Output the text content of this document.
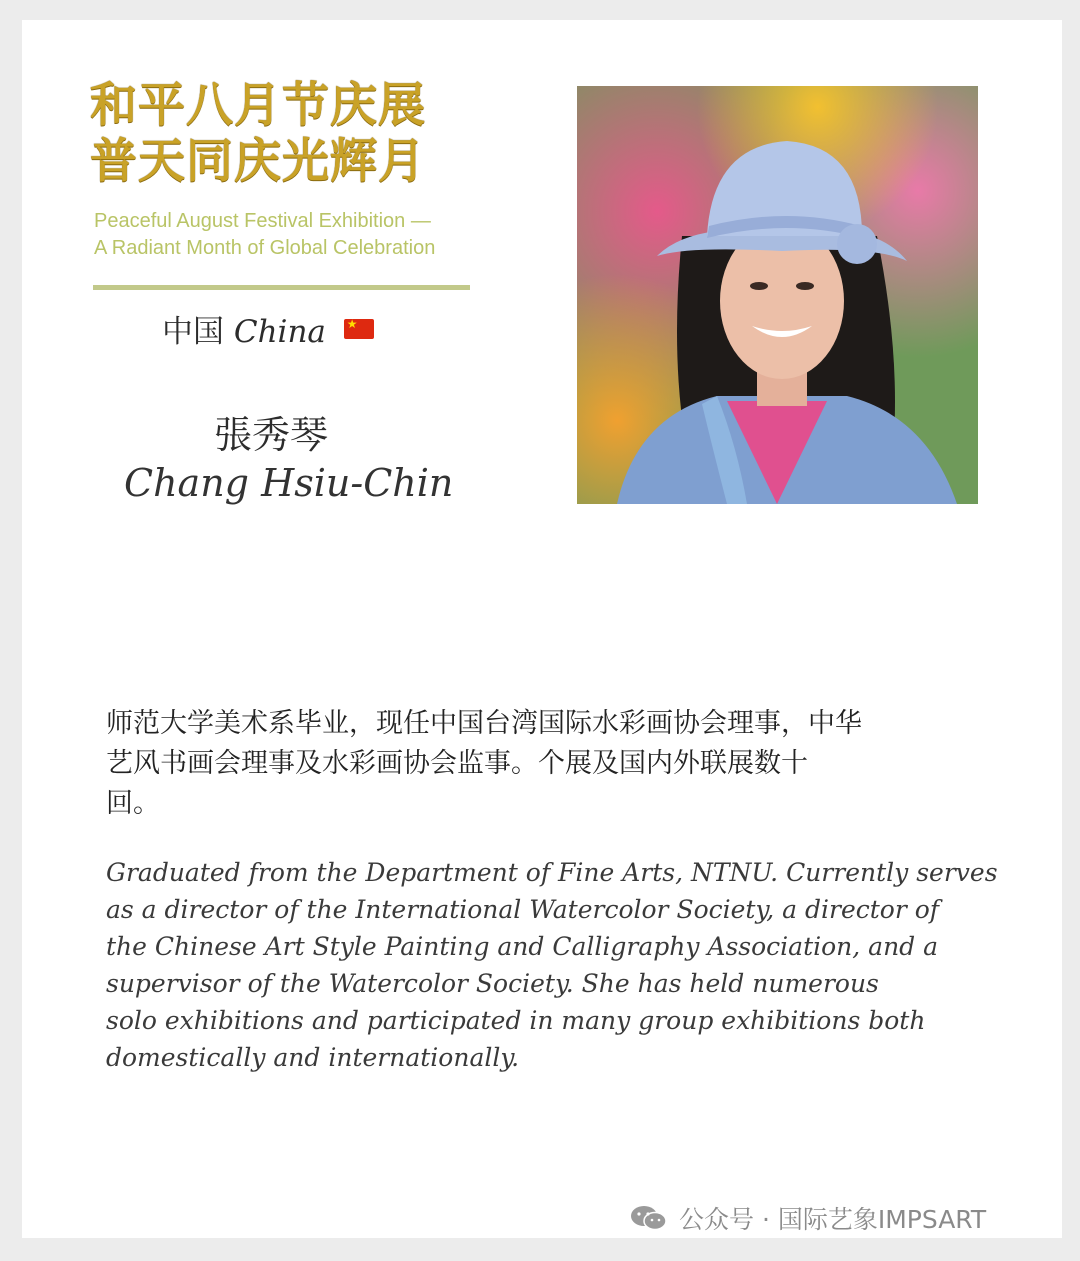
和平八月节庆展
普天同庆光辉月
Peaceful August Festival Exhibition —
A Radiant Month of Global Celebration
中国 China ★
張秀琴
Chang Hsiu-Chin
师范大学美术系毕业，现任中国台湾国际水彩画协会理事，中华
艺风书画会理事及水彩画协会监事。个展及国内外联展数十
回。
Graduated from the Department of Fine Arts, NTNU. Currently serves
as a director of the International Watercolor Society, a director of
the Chinese Art Style Painting and Calligraphy Association, and a
supervisor of the Watercolor Society. She has held numerous
solo exhibitions and participated in many group exhibitions both
domestically and internationally.
公众号 · 国际艺象IMPSART
